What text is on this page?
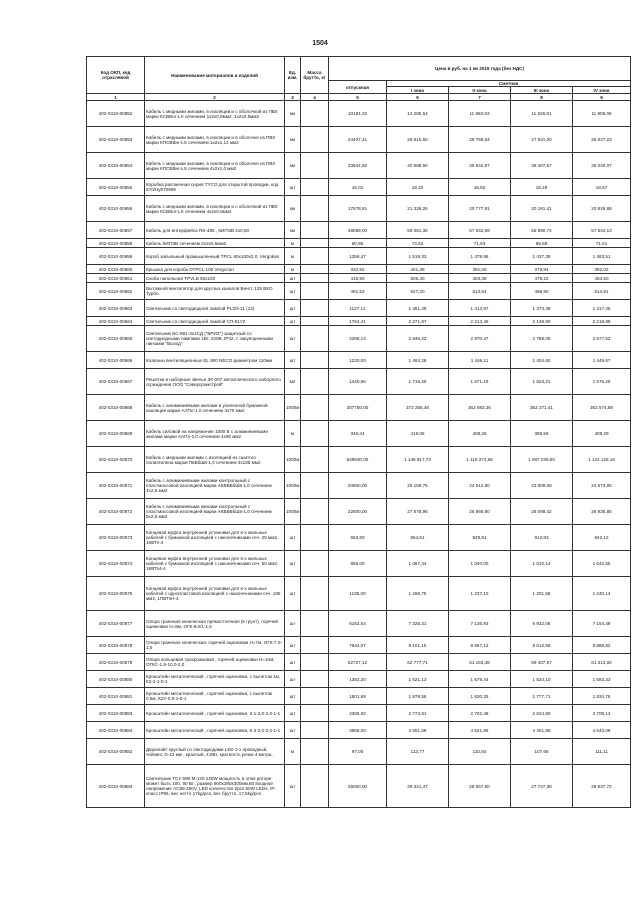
1504
Код ОКП, код отраслевой	Наименование материалов и изделий	Ед. изм.	Масса брутто, кг	Цена в руб. на 1 кв 2015 года (без НДС)				
				отпускная	Сметная			
					I зона	II зона	III зона	IV зона
1	2	3	4	5	6	7	8	9
402-0310-00852	Кабель с медными жилами, в изоляции и с оболочкой из ПВХ марки КСВВнг-LS сечением 1х2х0,8мм2, 1х2х0,5мм2	км		10184,32	12 285,54	11 960,63	11 626,91	11 909,06
402-0310-00853	Кабель с медными жилами, в изоляции и в оболочке из ПВХ марки КПСВВнг-LS сечением 1х2х1,13 мм2	км		24407,41	29 515,50	28 758,54	27 931,00	28 627,23
402-0310-00854	Кабель с медными жилами, в изоляции и в оболочке из ПВХ марки КПСВВнг-LS сечением 4х2х1,0 мм2	км		33644,92	40 588,50	39 542,87	38 407,67	39 040,07
402-0310-00855	Коробка распаечная серия TYCO для открытой проводки, код 670/Ну670906	шт		16,02	19,32	18,82	18,29	18,67
402-0310-00856	Кабель с медными жилами, в изоляции и с оболочкой из ПВХ марки КСВВнг-LS сечением 4х2х0,8мм2	км		17678,61	21 326,26	20 777,91	20 181,41	20 826,88
402-0310-00857	Кабель для интерфейса RS-485 , КИПЭВ 2х0,60	км		48689,00	59 061,36	57 542,69	55 890,74	57 644,13
402-0310-00858	Кабель КИПЭВ сечением 2х2х0,6мм2	м		60,95	73,53	71,63	69,58	71,61
402-0310-00859	Короб запыльный промышленный TPCL 60х100х2,0, Vergokan	м		1259,47	1 519,33	1 479,96	1 437,39	1 483,51
402-0310-00860	Крышка для короба DTPCL 100 Vergocan	м		332,92	401,38	391,06	379,84	392,02
402-0310-00861	Скоба напольная TPVLB 50х100	шт		419,90	506,40	493,38	479,22	494,60
402-0310-00862	Вытяжной вентилятор для круглых каналов Вентс 125 ВКО Турбо.	шт		491,53	527,20	513,64	498,90	514,91
402-0310-00863	Светильник со светодиодной лампой PL3/3-11 (13)	шт		1127,12	1 451,29	1 413,97	1 373,38	1 417,45
402-0310-00864	Светильник со светодиодной лампой СП-51У2	шт		1764,41	2 271,87	2 213,45	2 149,90	2 218,89
402-0310-00865	Светильник БС-981-3х1СД ("БРИЗ") защитный со светодиодными лампами 1Вт, 220В, IP42, с закупоренными линзами "Выход"	шт		2288,14	2 946,22	2 870,47	2 788,06	2 877,52
402-0310-00866	Клапаны вентиляционные EL 900 NECO диаметром 110мм	шт		1230,00	1 484,28	1 446,11	1 404,60	1 449,67
402-0310-00867	Решетки и наборные звенья ЗК-007 металлического наборного ограждения ООО "Севергромстрой"	м2		1440,66	1 715,29	1 671,19	1 623,21	1 675,29
402-0310-00868	Кабель с алюминиевыми жилами в усиленной бумажной изоляции марки ААПл-1,0 сечением 4х70 мм2	1000м		307750,00	372 255,48	362 683,36	352 271,41	363 574,88
402-0310-00869	Кабель силовой на напряжение 1000 В с алюминиевыми жилами марки ААПл-1,0 сечением 4х95 мм2	м		346,44	419,06	408,28	396,56	409,29
402-0310-00870	Кабель с медными жилами с изоляцией из сшитого полиэтилена марки ПвБбШв-1,0 сечением 4х185 мм2	1000м		949830,00	1 148 917,72	1 119 374,66	1 087 239,50	1 122 126,16
402-0310-00871	Кабель с алюминиевыми жилами контрольный с пластмассовой изоляцией марки АКВВБбШв-1,0 сечением 4х2,5 мм2	1000м		20800,00	25 159,75	24 512,80	23 809,08	24 573,05
402-0310-00872	Кабель с алюминиевыми жилами контрольный с пластмассовой изоляцией марки АКВВБбШв-1,0 сечением 5х2,5 мм2	1000м		22800,00	27 578,96	26 869,80	26 098,42	26 935,85
402-0310-00873	Концевая муфта внутренней установки для 4-х жильных кабелей с бумажной изоляцией с наконечниками сеч. 25 мм2, 1КВТп-4	шт		663,60	864,51	929,81	912,83	942,12
402-0310-00874	Концевая муфта внутренней установки для 4-х жильных кабелей с бумажной изоляцией с наконечниками сеч. 50 мм2, 1КВТп4-4	шт		955,00	1 067,44	1 040,00	1 010,14	1 042,55
402-0310-00875	Концевая муфта внутренней установки для 4-х жильных кабелей с однопластовой изоляцией с наконечниками сеч. 185 мм2, 1ПВТпН-4	шт		1135,00	1 269,75	1 237,10	1 201,58	1 240,14
402-0310-00877	Опора граненая коническая прямостоечная (в грунт), горячей оцинковки Н=8м, ОГК-6.0/1-1,5	шт		6162,54	7 325,31	7 136,93	6 932,06	7 154,49
402-0310-00878	Опора граненая коническая, горячей оцинковки Н=7м, ОГК-7.0-1,5	шт		7644,07	9 101,15	8 867,12	8 612,58	8 888,92
402-0310-00879	Опора кольцевая трехрожковая , горячей оцинковки Н=10м, ОГКС-1,8-10.0-2,0	шт		52727,12	62 777,71	61 163,48	59 407,57	61 313,60
402-0310-00880	Кронштейн металлический , горячей оцинковки, с вылетом 1м, К2-1-1-0-1	шт		1382,20	1 621,13	1 579,44	1 534,10	1 583,33
402-0310-00881	Кронштейн металлический , горячей оцинковки, с вылетом 0,5м, К2У-0,5-1-0-1	шт		1601,69	1 878,56	1 830,25	1 777,71	1 834,76
402-0310-00883	Кронштейн металлический , горячей оцинковки, К 1-2,0-2,0-1-1	шт		2365,00	2 773,81	2 702,48	2 624,90	2 709,13
402-0310-00884	Кронштейн металлический , горячей оцинковки, К 3-2,0-2,0-1-1	шт		3966,00	4 651,58	4 531,96	4 401,88	4 543,09
402-0310-00882	Дюралайт круглый со светодиодами LED 2-х проводный, чейзинг, D-13 мм , красный, 4,8Вт, кратность резки 4 метра.	м		97,00	113,77	110,84	107,66	111,11
402-0310-00883	Светильник TCУ 690 М-120 120W мощность в этом роторе может быть 100, 90 Вт., размер 900х390х300мм,80 входное напряжение AC85-250V, LED количество 2pcs 60W LEDs, IP-класс IP65, вес нетто 17kg/pcs, вес брутто. 17,5kg/pcs	шт		25000,00	29 321,47	28 567,50	27 747,38	28 637,72
